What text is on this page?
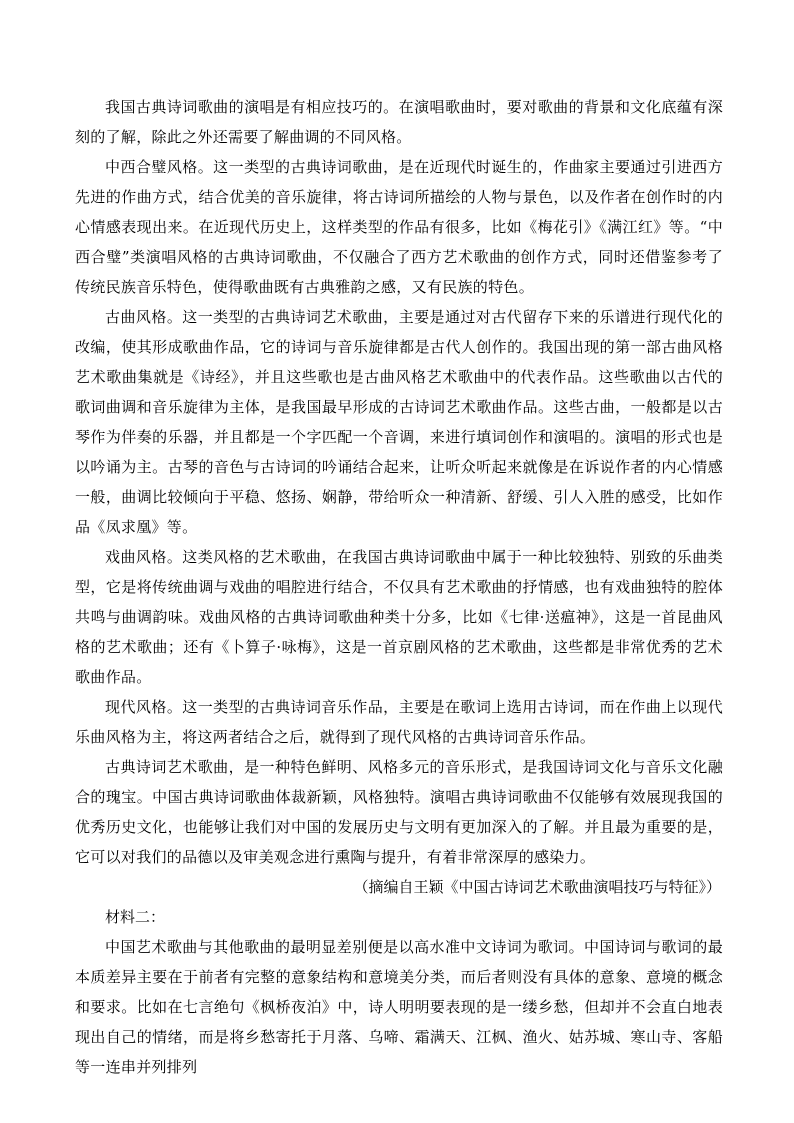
我国古典诗词歌曲的演唱是有相应技巧的。在演唱歌曲时，要对歌曲的背景和文化底蕴有深刻的了解，除此之外还需要了解曲调的不同风格。

中西合璧风格。这一类型的古典诗词歌曲，是在近现代时诞生的，作曲家主要通过引进西方先进的作曲方式，结合优美的音乐旋律，将古诗词所描绘的人物与景色，以及作者在创作时的内心情感表现出来。在近现代历史上，这样类型的作品有很多，比如《梅花引》《满江红》等。“中西合璧”类演唱风格的古典诗词歌曲，不仅融合了西方艺术歌曲的创作方式，同时还借鉴参考了传统民族音乐特色，使得歌曲既有古典雅韵之感，又有民族的特色。

古曲风格。这一类型的古典诗词艺术歌曲，主要是通过对古代留存下来的乐谱进行现代化的改编，使其形成歌曲作品，它的诗词与音乐旋律都是古代人创作的。我国出现的第一部古曲风格艺术歌曲集就是《诗经》，并且这些歌也是古曲风格艺术歌曲中的代表作品。这些歌曲以古代的歌词曲调和音乐旋律为主体，是我国最早形成的古诗词艺术歌曲作品。这些古曲，一般都是以古琴作为伴奏的乐器，并且都是一个字匹配一个音调，来进行填词创作和演唱的。演唱的形式也是以吟诵为主。古琴的音色与古诗词的吟诵结合起来，让听众听起来就像是在诉说作者的内心情感一般，曲调比较倾向于平稳、悠扬、娴静，带给听众一种清新、舒缓、引人入胜的感受，比如作品《凤求凰》等。

戏曲风格。这类风格的艺术歌曲，在我国古典诗词歌曲中属于一种比较独特、别致的乐曲类型，它是将传统曲调与戏曲的唱腔进行结合，不仅具有艺术歌曲的抒情感，也有戏曲独特的腔体共鸣与曲调韵味。戏曲风格的古典诗词歌曲种类十分多，比如《七律·送瘟神》，这是一首昆曲风格的艺术歌曲；还有《卜算子·咏梅》，这是一首京剧风格的艺术歌曲，这些都是非常优秀的艺术歌曲作品。

现代风格。这一类型的古典诗词音乐作品，主要是在歌词上选用古诗词，而在作曲上以现代乐曲风格为主，将这两者结合之后，就得到了现代风格的古典诗词音乐作品。

古典诗词艺术歌曲，是一种特色鲜明、风格多元的音乐形式，是我国诗词文化与音乐文化融合的瑰宝。中国古典诗词歌曲体裁新颖，风格独特。演唱古典诗词歌曲不仅能够有效展现我国的优秀历史文化，也能够让我们对中国的发展历史与文明有更加深入的了解。并且最为重要的是，它可以对我们的品德以及审美观念进行熏陶与提升，有着非常深厚的感染力。

（摘编自王颖《中国古诗词艺术歌曲演唱技巧与特征》）

材料二：

中国艺术歌曲与其他歌曲的最明显差别便是以高水准中文诗词为歌词。中国诗词与歌词的最本质差异主要在于前者有完整的意象结构和意境美分类，而后者则没有具体的意象、意境的概念和要求。比如在七言绝句《枫桥夜泊》中，诗人明明要表现的是一缕乡愁，但却并不会直白地表现出自己的情绪，而是将乡愁寄托于月落、乌啼、霜满天、江枫、渔火、姑苏城、寒山寺、客船等一连串并列排列
